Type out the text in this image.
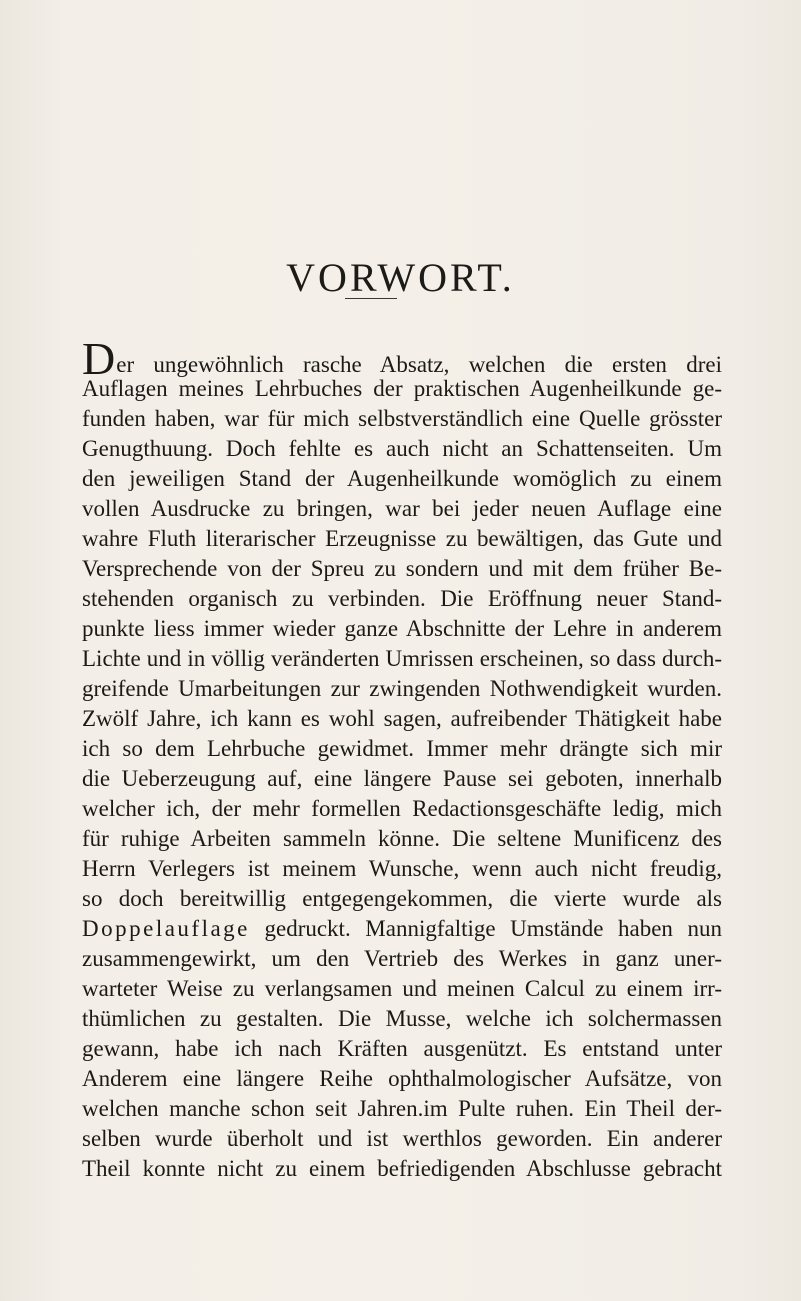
VORWORT.
Der ungewöhnlich rasche Absatz, welchen die ersten drei
Auflagen meines Lehrbuches der praktischen Augenheilkunde ge-
funden haben, war für mich selbstverständlich eine Quelle grösster
Genugthuung. Doch fehlte es auch nicht an Schattenseiten. Um
den jeweiligen Stand der Augenheilkunde womöglich zu einem
vollen Ausdrucke zu bringen, war bei jeder neuen Auflage eine
wahre Fluth literarischer Erzeugnisse zu bewältigen, das Gute und
Versprechende von der Spreu zu sondern und mit dem früher Be-
stehenden organisch zu verbinden. Die Eröffnung neuer Stand-
punkte liess immer wieder ganze Abschnitte der Lehre in anderem
Lichte und in völlig veränderten Umrissen erscheinen, so dass durch-
greifende Umarbeitungen zur zwingenden Nothwendigkeit wurden.
Zwölf Jahre, ich kann es wohl sagen, aufreibender Thätigkeit habe
ich so dem Lehrbuche gewidmet. Immer mehr drängte sich mir
die Ueberzeugung auf, eine längere Pause sei geboten, innerhalb
welcher ich, der mehr formellen Redactionsgeschäfte ledig, mich
für ruhige Arbeiten sammeln könne. Die seltene Munificenz des
Herrn Verlegers ist meinem Wunsche, wenn auch nicht freudig,
so doch bereitwillig entgegengekommen, die vierte wurde als
Doppelauflage gedruckt. Mannigfaltige Umstände haben nun
zusammengewirkt, um den Vertrieb des Werkes in ganz uner-
warteter Weise zu verlangsamen und meinen Calcul zu einem irr-
thümlichen zu gestalten. Die Musse, welche ich solchermassen
gewann, habe ich nach Kräften ausgenützt. Es entstand unter
Anderem eine längere Reihe ophthalmologischer Aufsätze, von
welchen manche schon seit Jahren.im Pulte ruhen. Ein Theil der-
selben wurde überholt und ist werthlos geworden. Ein anderer
Theil konnte nicht zu einem befriedigenden Abschlusse gebracht
